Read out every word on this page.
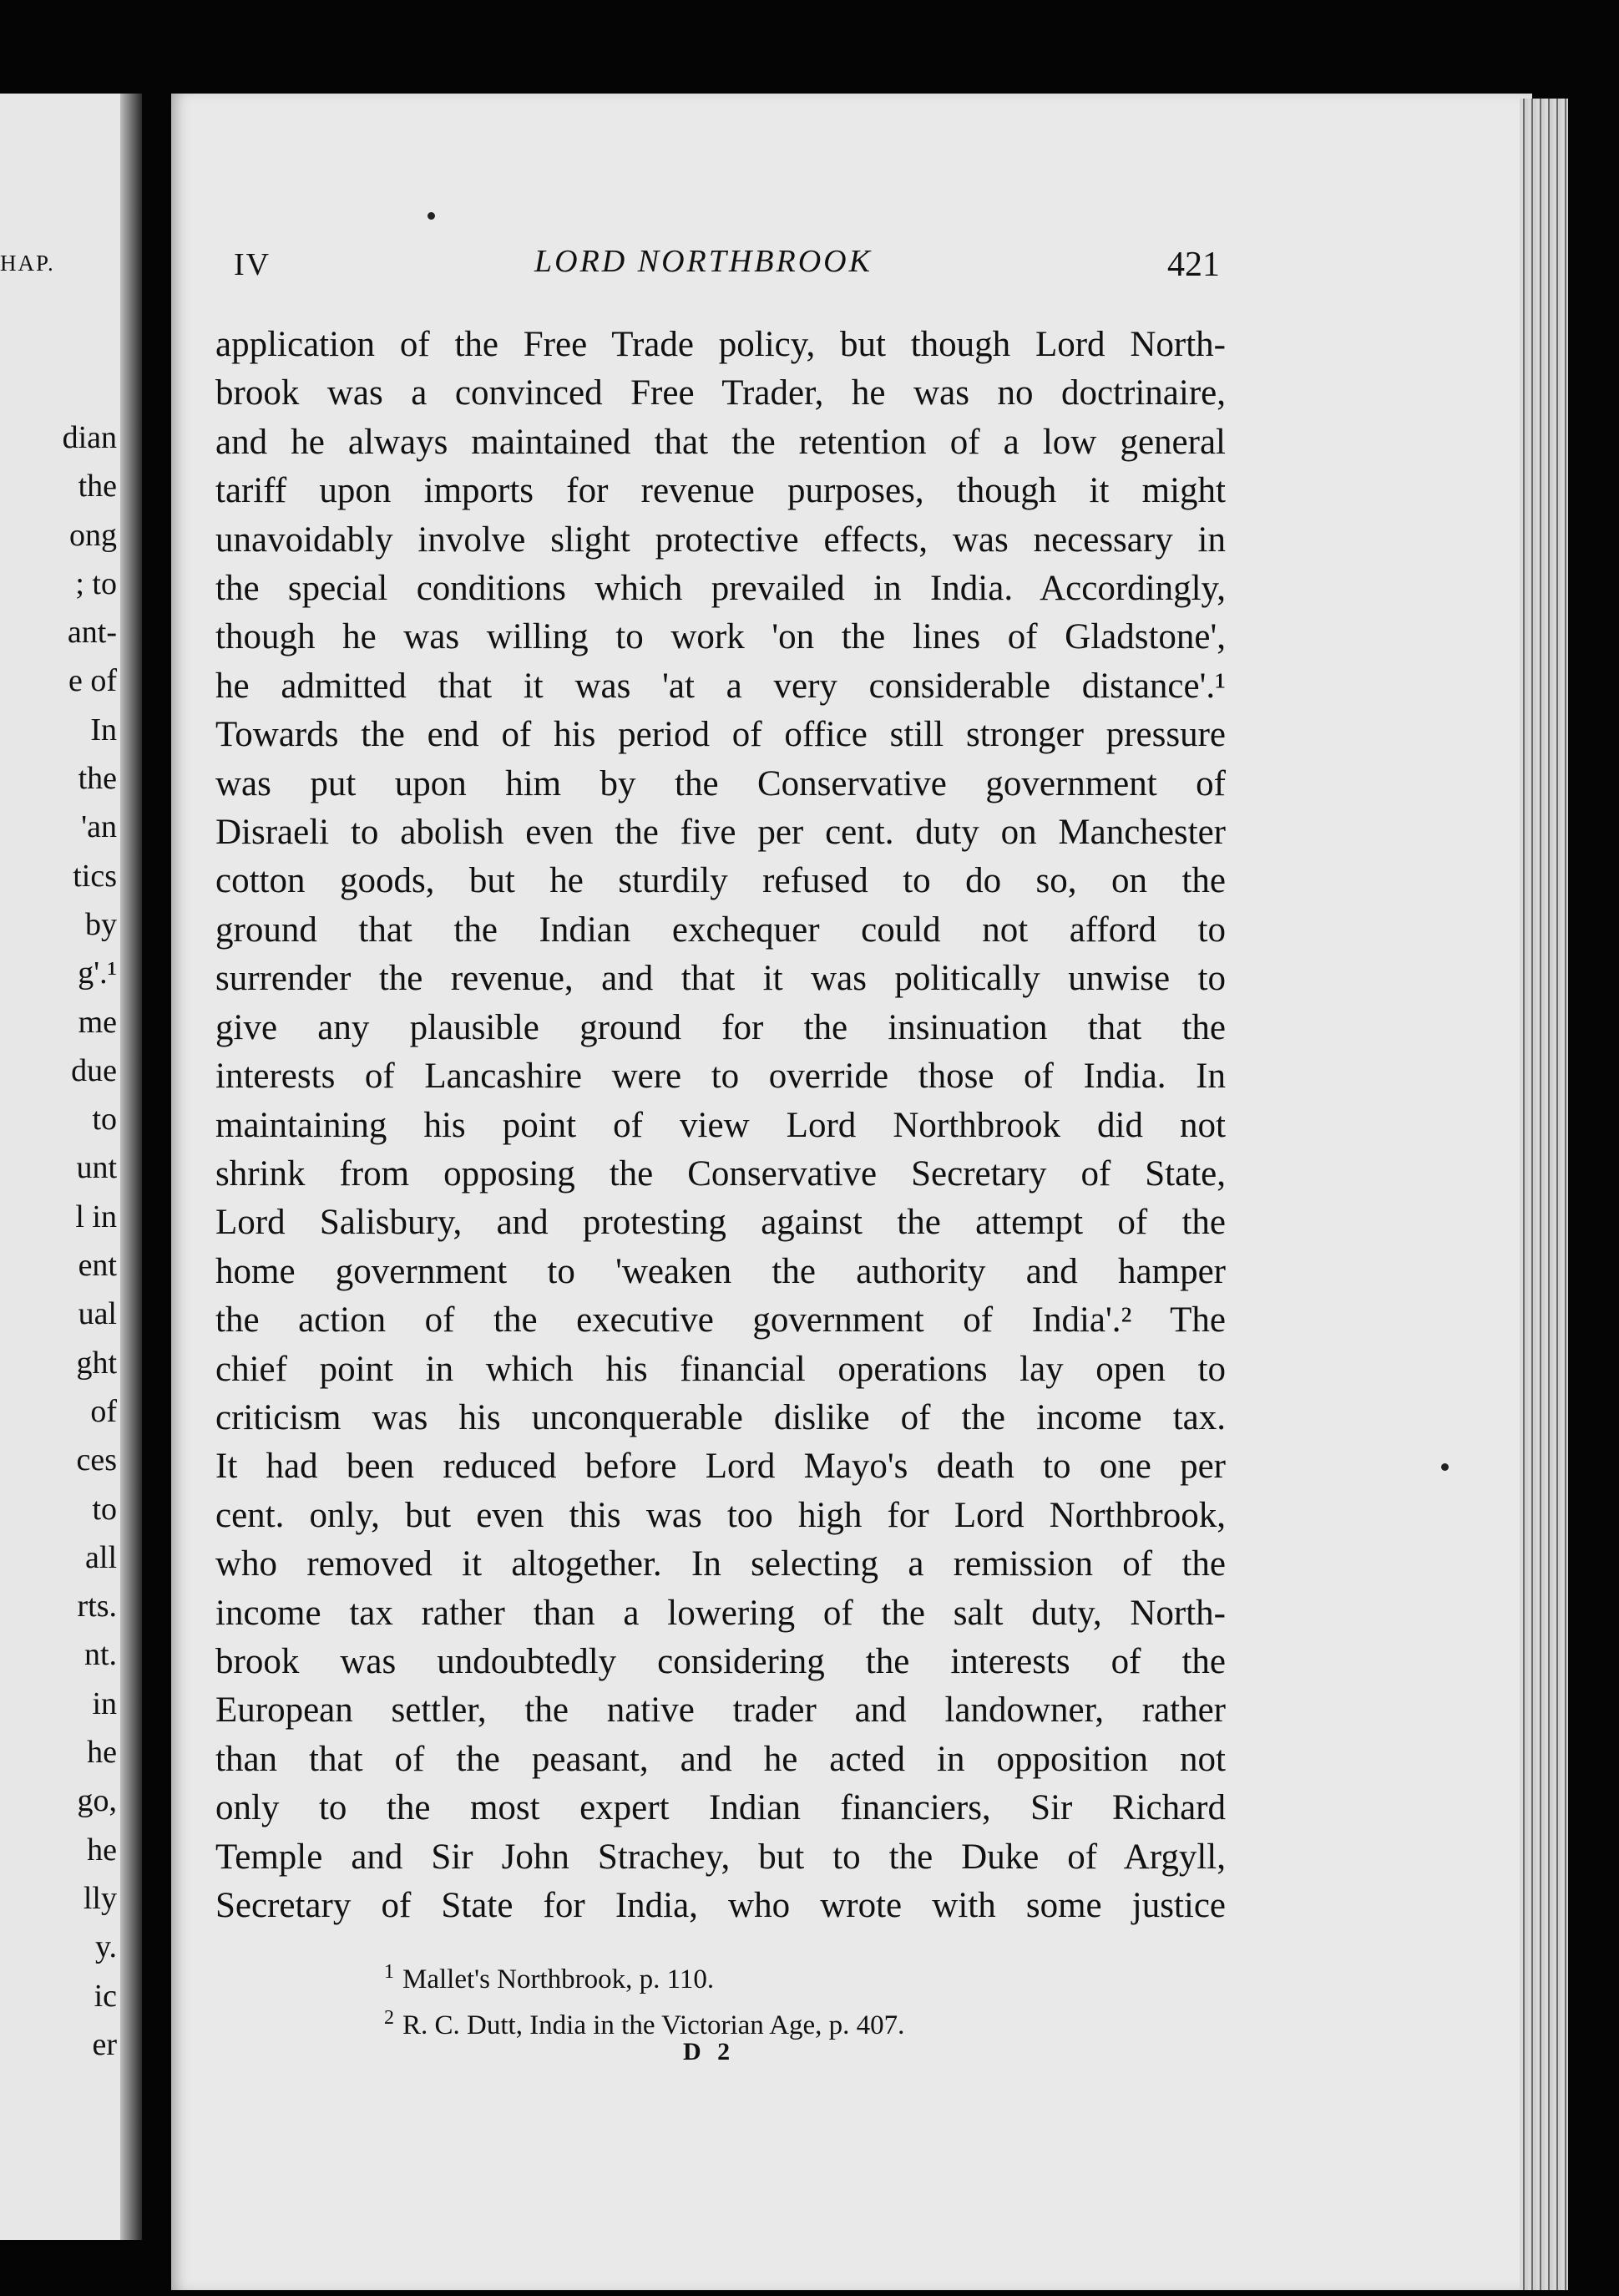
HAP.
dian
the
ong
; to
ant-
e of
In
the
'an
tics
by
g'.¹
me
due
to
unt
l in
ent
ual
ght
of
ces
to
all
rts.
nt.
in
he
go,
he
lly
y.
ic
er
IV	LORD NORTHBROOK	421
application of the Free Trade policy, but though Lord North-
brook was a convinced Free Trader, he was no doctrinaire,
and he always maintained that the retention of a low general
tariff upon imports for revenue purposes, though it might
unavoidably involve slight protective effects, was necessary in
the special conditions which prevailed in India. Accordingly,
though he was willing to work 'on the lines of Gladstone',
he admitted that it was 'at a very considerable distance'.¹
Towards the end of his period of office still stronger pressure
was put upon him by the Conservative government of
Disraeli to abolish even the five per cent. duty on Manchester
cotton goods, but he sturdily refused to do so, on the
ground that the Indian exchequer could not afford to
surrender the revenue, and that it was politically unwise to
give any plausible ground for the insinuation that the
interests of Lancashire were to override those of India. In
maintaining his point of view Lord Northbrook did not
shrink from opposing the Conservative Secretary of State,
Lord Salisbury, and protesting against the attempt of the
home government to 'weaken the authority and hamper
the action of the executive government of India'.² The
chief point in which his financial operations lay open to
criticism was his unconquerable dislike of the income tax.
It had been reduced before Lord Mayo's death to one per
cent. only, but even this was too high for Lord Northbrook,
who removed it altogether. In selecting a remission of the
income tax rather than a lowering of the salt duty, North-
brook was undoubtedly considering the interests of the
European settler, the native trader and landowner, rather
than that of the peasant, and he acted in opposition not
only to the most expert Indian financiers, Sir Richard
Temple and Sir John Strachey, but to the Duke of Argyll,
Secretary of State for India, who wrote with some justice
$^1$ Mallet's Northbrook, p. 110.
$^2$ R. C. Dutt, India in the Victorian Age, p. 407.
D 2
